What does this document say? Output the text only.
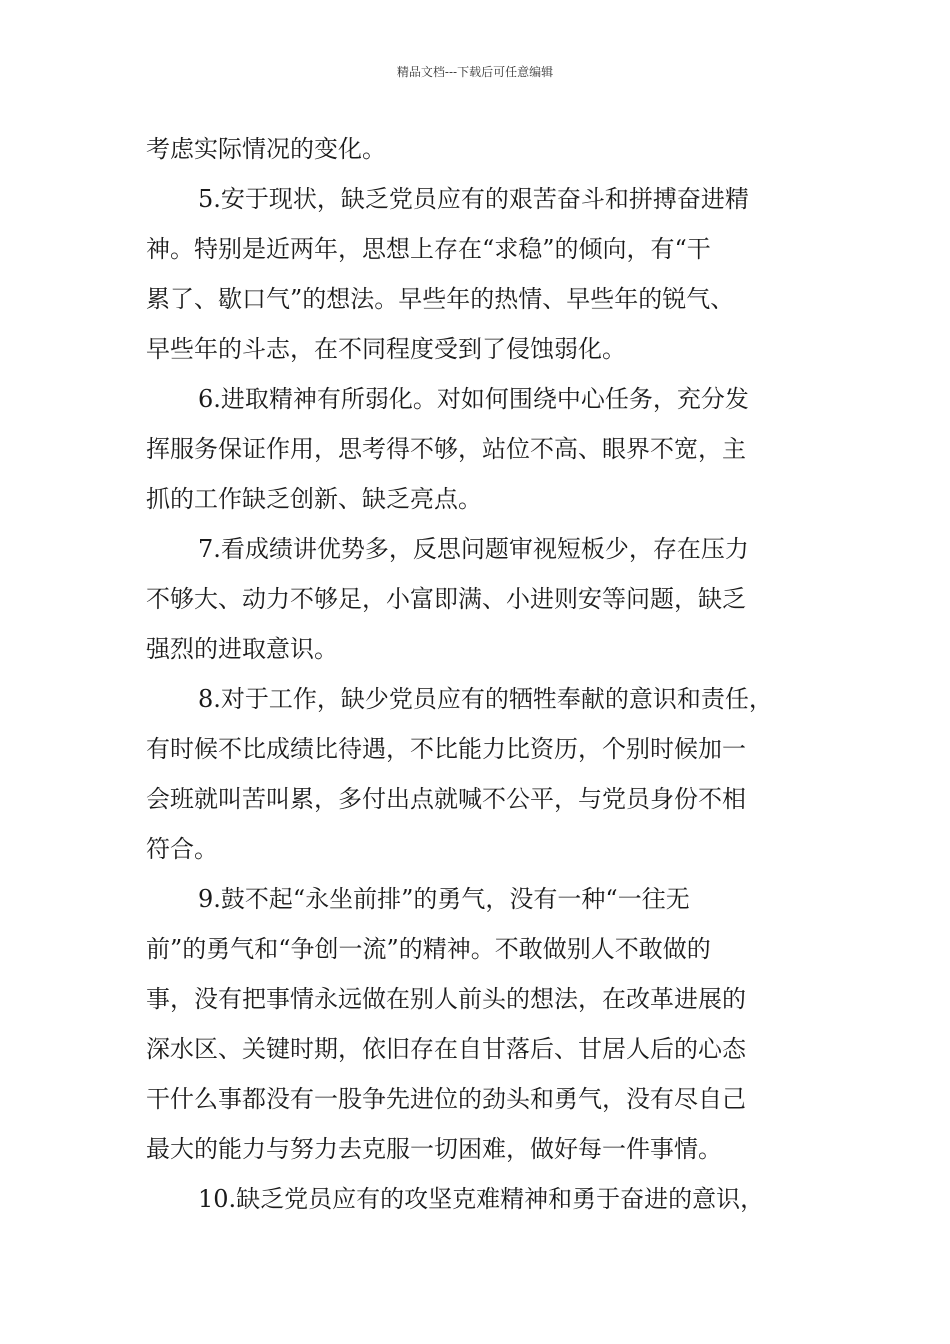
精品文档---下载后可任意编辑
考虑实际情况的变化。
5.安于现状，缺乏党员应有的艰苦奋斗和拼搏奋进精
神。特别是近两年，思想上存在“求稳”的倾向，有“干
累了、歇口气”的想法。早些年的热情、早些年的锐气、
早些年的斗志，在不同程度受到了侵蚀弱化。
6.进取精神有所弱化。对如何围绕中心任务，充分发
挥服务保证作用，思考得不够，站位不高、眼界不宽，主
抓的工作缺乏创新、缺乏亮点。
7.看成绩讲优势多，反思问题审视短板少，存在压力
不够大、动力不够足，小富即满、小进则安等问题，缺乏
强烈的进取意识。
8.对于工作，缺少党员应有的牺牲奉献的意识和责任，
有时候不比成绩比待遇，不比能力比资历，个别时候加一
会班就叫苦叫累，多付出点就喊不公平，与党员身份不相
符合。
9.鼓不起“永坐前排”的勇气，没有一种“一往无
前”的勇气和“争创一流”的精神。不敢做别人不敢做的
事，没有把事情永远做在别人前头的想法，在改革进展的
深水区、关键时期，依旧存在自甘落后、甘居人后的心态
干什么事都没有一股争先进位的劲头和勇气，没有尽自己
最大的能力与努力去克服一切困难，做好每一件事情。
10.缺乏党员应有的攻坚克难精神和勇于奋进的意识，
